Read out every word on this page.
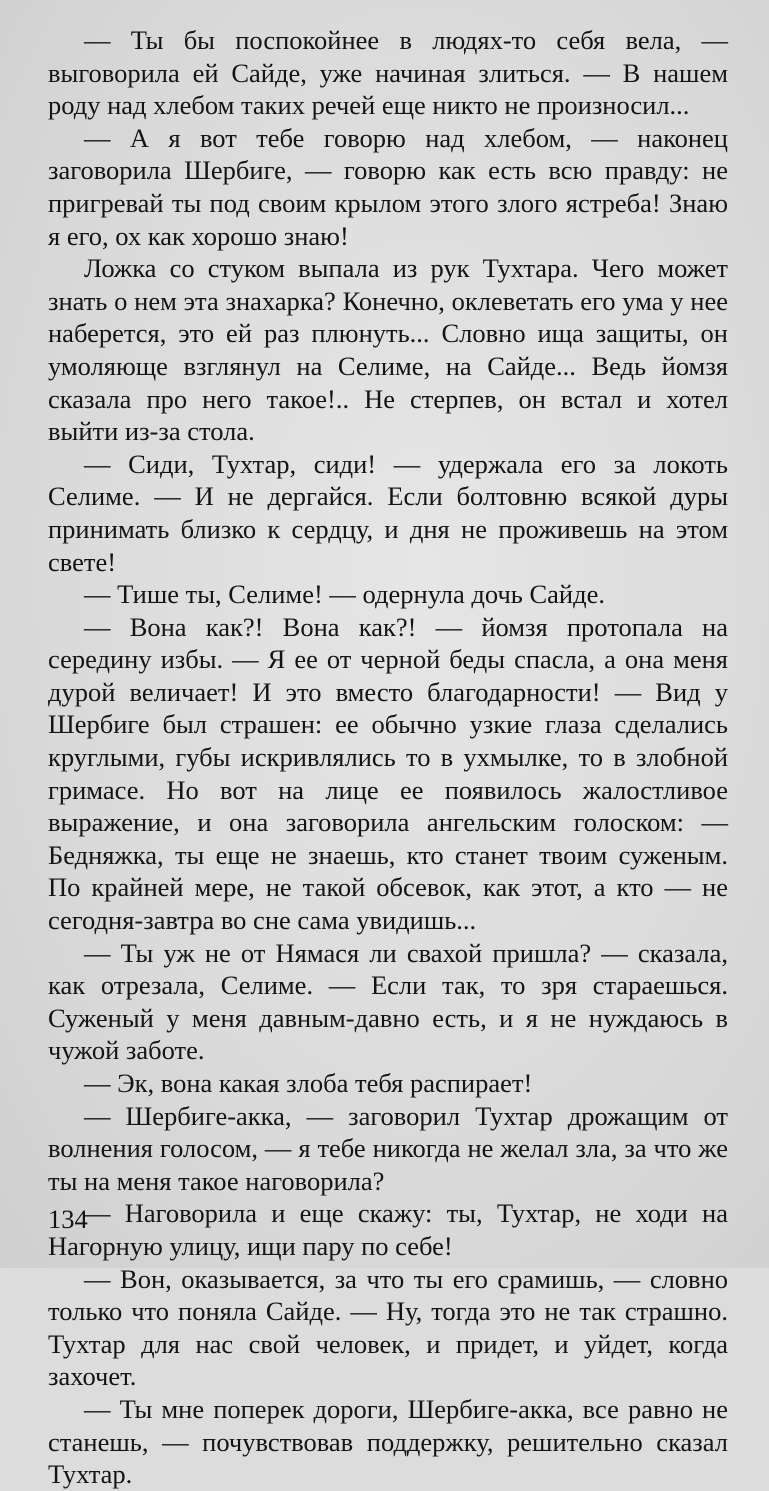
— Ты бы поспокойнее в людях-то себя вела, — выговорила ей Сайде, уже начиная злиться. — В нашем роду над хлебом таких речей еще никто не произносил...

— А я вот тебе говорю над хлебом, — наконец заговорила Шербиге, — говорю как есть всю правду: не пригревай ты под своим крылом этого злого ястреба! Знаю я его, ох как хорошо знаю!

Ложка со стуком выпала из рук Тухтара. Чего может знать о нем эта знахарка? Конечно, оклеветать его ума у нее наберется, это ей раз плюнуть... Словно ища защиты, он умоляюще взглянул на Селиме, на Сайде... Ведь йомзя сказала про него такое!.. Не стерпев, он встал и хотел выйти из-за стола.

— Сиди, Тухтар, сиди! — удержала его за локоть Селиме. — И не дергайся. Если болтовню всякой дуры принимать близко к сердцу, и дня не проживешь на этом свете!

— Тише ты, Селиме! — одернула дочь Сайде.

— Вона как?! Вона как?! — йомзя протопала на середину избы. — Я ее от черной беды спасла, а она меня дурой величает! И это вместо благодарности! — Вид у Шербиге был страшен: ее обычно узкие глаза сделались круглыми, губы искривлялись то в ухмылке, то в злобной гримасе. Но вот на лице ее появилось жалостливое выражение, и она заговорила ангельским голоском: — Бедняжка, ты еще не знаешь, кто станет твоим суженым. По крайней мере, не такой обсевок, как этот, а кто — не сегодня-завтра во сне сама увидишь...

— Ты уж не от Нямася ли свахой пришла? — сказала, как отрезала, Селиме. — Если так, то зря стараешься. Суженый у меня давным-давно есть, и я не нуждаюсь в чужой заботе.

— Эк, вона какая злоба тебя распирает!

— Шербиге-акка, — заговорил Тухтар дрожащим от волнения голосом, — я тебе никогда не желал зла, за что же ты на меня такое наговорила?

— Наговорила и еще скажу: ты, Тухтар, не ходи на Нагорную улицу, ищи пару по себе!

— Вон, оказывается, за что ты его срамишь, — словно только что поняла Сайде. — Ну, тогда это не так страшно. Тухтар для нас свой человек, и придет, и уйдет, когда захочет.

— Ты мне поперек дороги, Шербиге-акка, все равно не станешь, — почувствовав поддержку, решительно сказал Тухтар.

134
